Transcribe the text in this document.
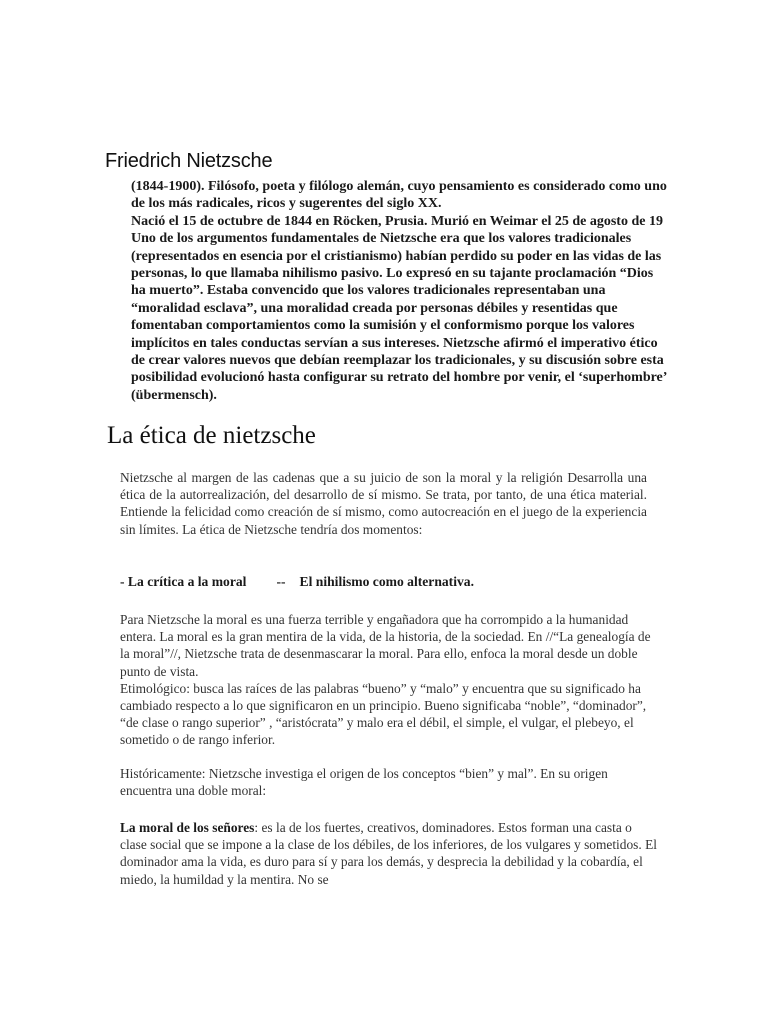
Friedrich Nietzsche

(1844-1900). Filósofo, poeta y filólogo alemán, cuyo pensamiento es considerado como uno de los más radicales, ricos y sugerentes del siglo XX.

Nació el 15 de octubre de 1844 en Röcken, Prusia. Murió en Weimar el 25 de agosto de 19

Uno de los argumentos fundamentales de Nietzsche era que los valores tradicionales (representados en esencia por el cristianismo) habían perdido su poder en las vidas de las personas, lo que llamaba nihilismo pasivo. Lo expresó en su tajante proclamación “Dios ha muerto”. Estaba convencido que los valores tradicionales representaban una “moralidad esclava”, una moralidad creada por personas débiles y resentidas que fomentaban comportamientos como la sumisión y el conformismo porque los valores implícitos en tales conductas servían a sus intereses. Nietzsche afirmó el imperativo ético de crear valores nuevos que debían reemplazar los tradicionales, y su discusión sobre esta posibilidad evolucionó hasta configurar su retrato del hombre por venir, el ‘superhombre’ (übermensch).

La ética de nietzsche
Nietzsche al margen de las cadenas que a su juicio de son la moral y la religión Desarrolla una ética de la autorrealización, del desarrollo de sí mismo. Se trata, por tanto, de una ética material. Entiende la felicidad como creación de sí mismo, como autocreación en el juego de la experiencia sin límites. La ética de Nietzsche tendría dos momentos:
- La crítica a la moral -- El nihilismo como alternativa.

Para Nietzsche la moral es una fuerza terrible y engañadora que ha corrompido a la humanidad entera. La moral es la gran mentira de la vida, de la historia, de la sociedad. En //“La genealogía de la moral”//, Nietzsche trata de desenmascarar la moral. Para ello, enfoca la moral desde un doble punto de vista.

Etimológico: busca las raíces de las palabras “bueno” y “malo” y encuentra que su significado ha cambiado respecto a lo que significaron en un principio. Bueno significaba “noble”, “dominador”, “de clase o rango superior” , “aristócrata” y malo era el débil, el simple, el vulgar, el plebeyo, el sometido o de rango inferior.

Históricamente: Nietzsche investiga el origen de los conceptos “bien” y mal”. En su origen encuentra una doble moral:

La moral de los señores: es la de los fuertes, creativos, dominadores. Estos forman una casta o clase social que se impone a la clase de los débiles, de los inferiores, de los vulgares y sometidos. El dominador ama la vida, es duro para sí y para los demás, y desprecia la debilidad y la cobardía, el miedo, la humildad y la mentira. No se
